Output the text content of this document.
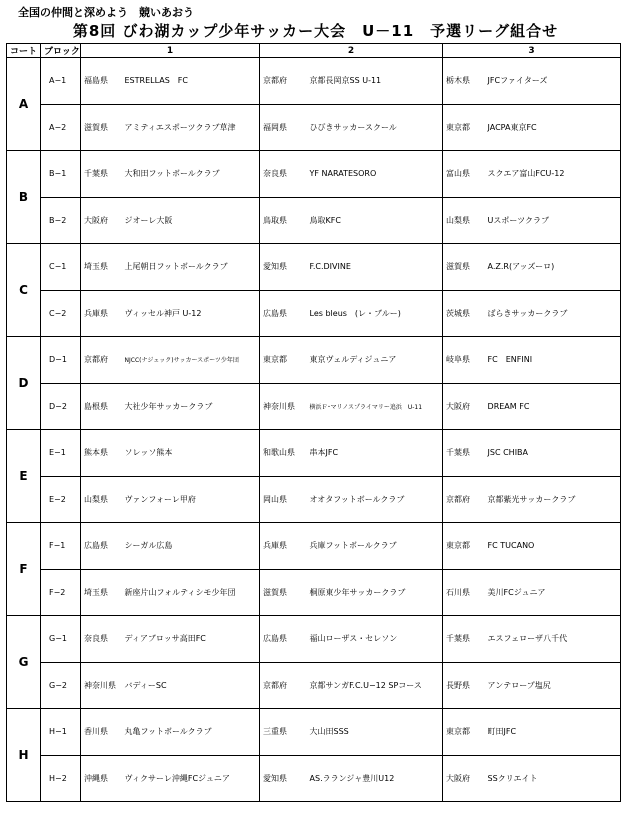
全国の仲間と深めよう　競いあおう
第8回 びわ湖カップ少年サッカー大会　U－11　予選リーグ組合せ
コート	ブロック	1		2		3	
A	A−1	福島県	ESTRELLAS　FC	京都府	京都長岡京SS U-11	栃木県	JFCファイターズ
	A−2	滋賀県	アミティエスポーツクラブ草津	福岡県	ひびきサッカースクール	東京都	JACPA東京FC
B	B−1	千葉県	大和田フットボールクラブ	奈良県	YF NARATESORO	富山県	スクエア富山FCU-12
	B−2	大阪府	ジオーレ大阪	鳥取県	鳥取KFC	山梨県	Uスポーツクラブ
C	C−1	埼玉県	上尾朝日フットボールクラブ	愛知県	F.C.DIVINE	滋賀県	A.Z.R(アッズーロ)
	C−2	兵庫県	ヴィッセル神戸 U-12	広島県	Les bleus　(レ・ブルー)	茨城県	ばらきサッカークラブ
D	D−1	京都府	NJCC(ナジェック)サッカースポーツ少年団	東京都	東京ヴェルディジュニア	岐阜県	FC　ENFINI
	D−2	島根県	大社少年サッカークラブ	神奈川県	横浜Ｆ･マリノスプライマリー追浜　U-11	大阪府	DREAM FC
E	E−1	熊本県	ソレッソ熊本	和歌山県	串本JFC	千葉県	JSC CHIBA
	E−2	山梨県	ヴァンフォーレ甲府	岡山県	オオタフットボールクラブ	京都府	京都紫光サッカークラブ
F	F−1	広島県	シーガル広島	兵庫県	兵庫フットボールクラブ	東京都	FC TUCANO
	F−2	埼玉県	新座片山フォルティシモ少年団	滋賀県	桐原東少年サッカークラブ	石川県	美川FCジュニア
G	G−1	奈良県	ディアブロッサ高田FC	広島県	福山ローザス・セレソン	千葉県	エスフェローザ八千代
	G−2	神奈川県	バディーSC	京都府	京都サンガF.C.U−12 SPコース	長野県	アンテロープ塩尻
H	H−1	香川県	丸亀フットボールクラブ	三重県	大山田SSS	東京都	町田JFC
	H−2	沖縄県	ヴィクサーレ沖縄FCジュニア	愛知県	AS.ラランジャ豊川U12	大阪府	SSクリエイト
